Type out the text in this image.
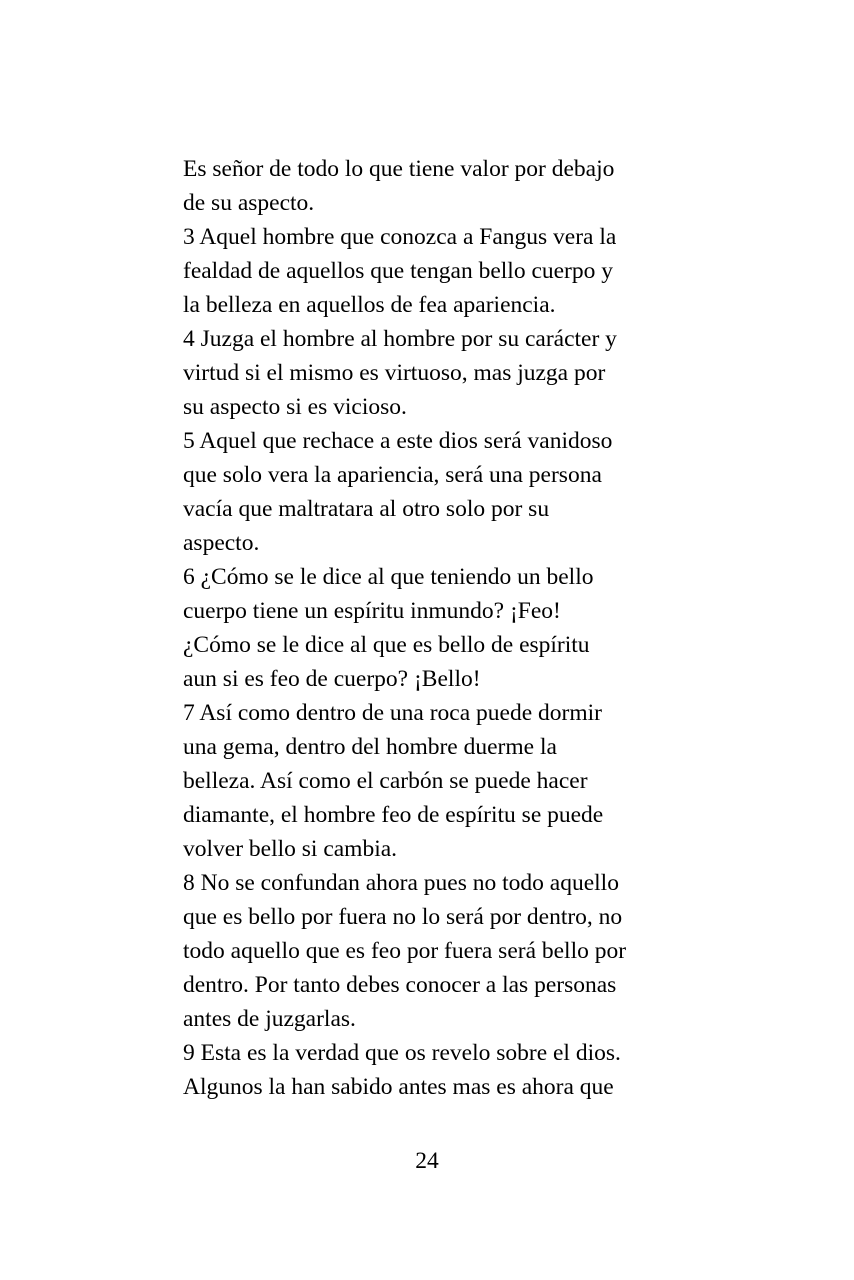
Es señor de todo lo que tiene valor por debajo
de su aspecto.
3 Aquel hombre que conozca a Fangus vera la
fealdad de aquellos que tengan bello cuerpo y
la belleza en aquellos de fea apariencia.
4 Juzga el hombre al hombre por su carácter y
virtud si el mismo es virtuoso, mas juzga por
su aspecto si es vicioso.
5 Aquel que rechace a este dios será vanidoso
que solo vera la apariencia, será una persona
vacía que maltratara al otro solo por su
aspecto.
6 ¿Cómo se le dice al que teniendo un bello
cuerpo tiene un espíritu inmundo? ¡Feo!
¿Cómo se le dice al que es bello de espíritu
aun si es feo de cuerpo? ¡Bello!
7 Así como dentro de una roca puede dormir
una gema, dentro del hombre duerme la
belleza. Así como el carbón se puede hacer
diamante, el hombre feo de espíritu se puede
volver bello si cambia.
8 No se confundan ahora pues no todo aquello
que es bello por fuera no lo será por dentro, no
todo aquello que es feo por fuera será bello por
dentro. Por tanto debes conocer a las personas
antes de juzgarlas.
9 Esta es la verdad que os revelo sobre el dios.
Algunos la han sabido antes mas es ahora que
24
